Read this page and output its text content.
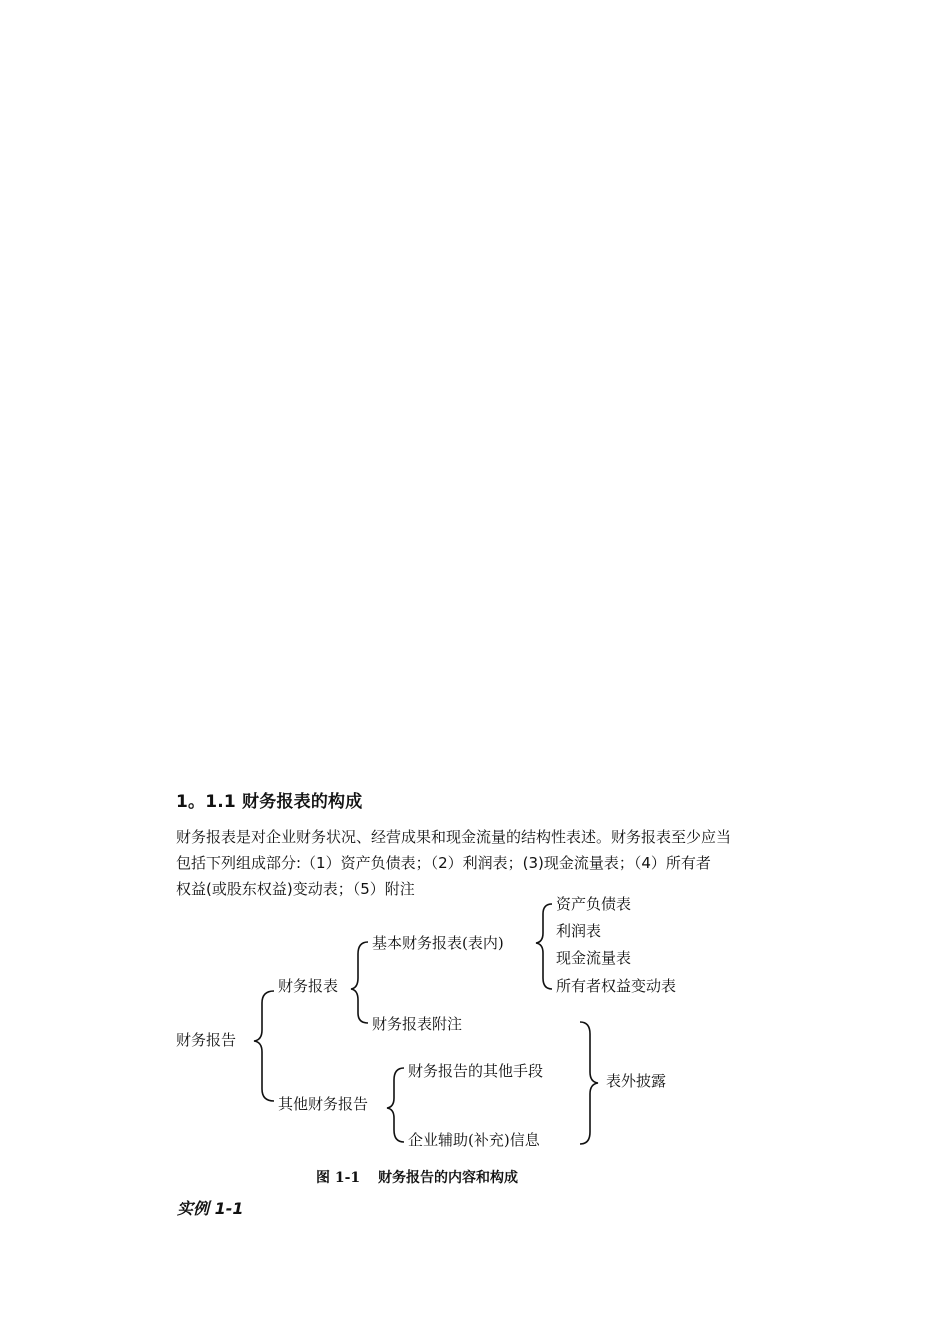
1。1.1 财务报表的构成

财务报表是对企业财务状况、经营成果和现金流量的结构性表述。财务报表至少应当
包括下列组成部分:（1）资产负债表；（2）利润表；(3)现金流量表；（4）所有者
权益(或股东权益)变动表；（5）附注

财务报告
财务报表
基本财务报表(表内)
资产负债表
利润表
现金流量表
所有者权益变动表
财务报表附注
其他财务报告
财务报告的其他手段
企业辅助(补充)信息
表外披露
图 1-1 财务报告的内容和构成
实例 1-1
